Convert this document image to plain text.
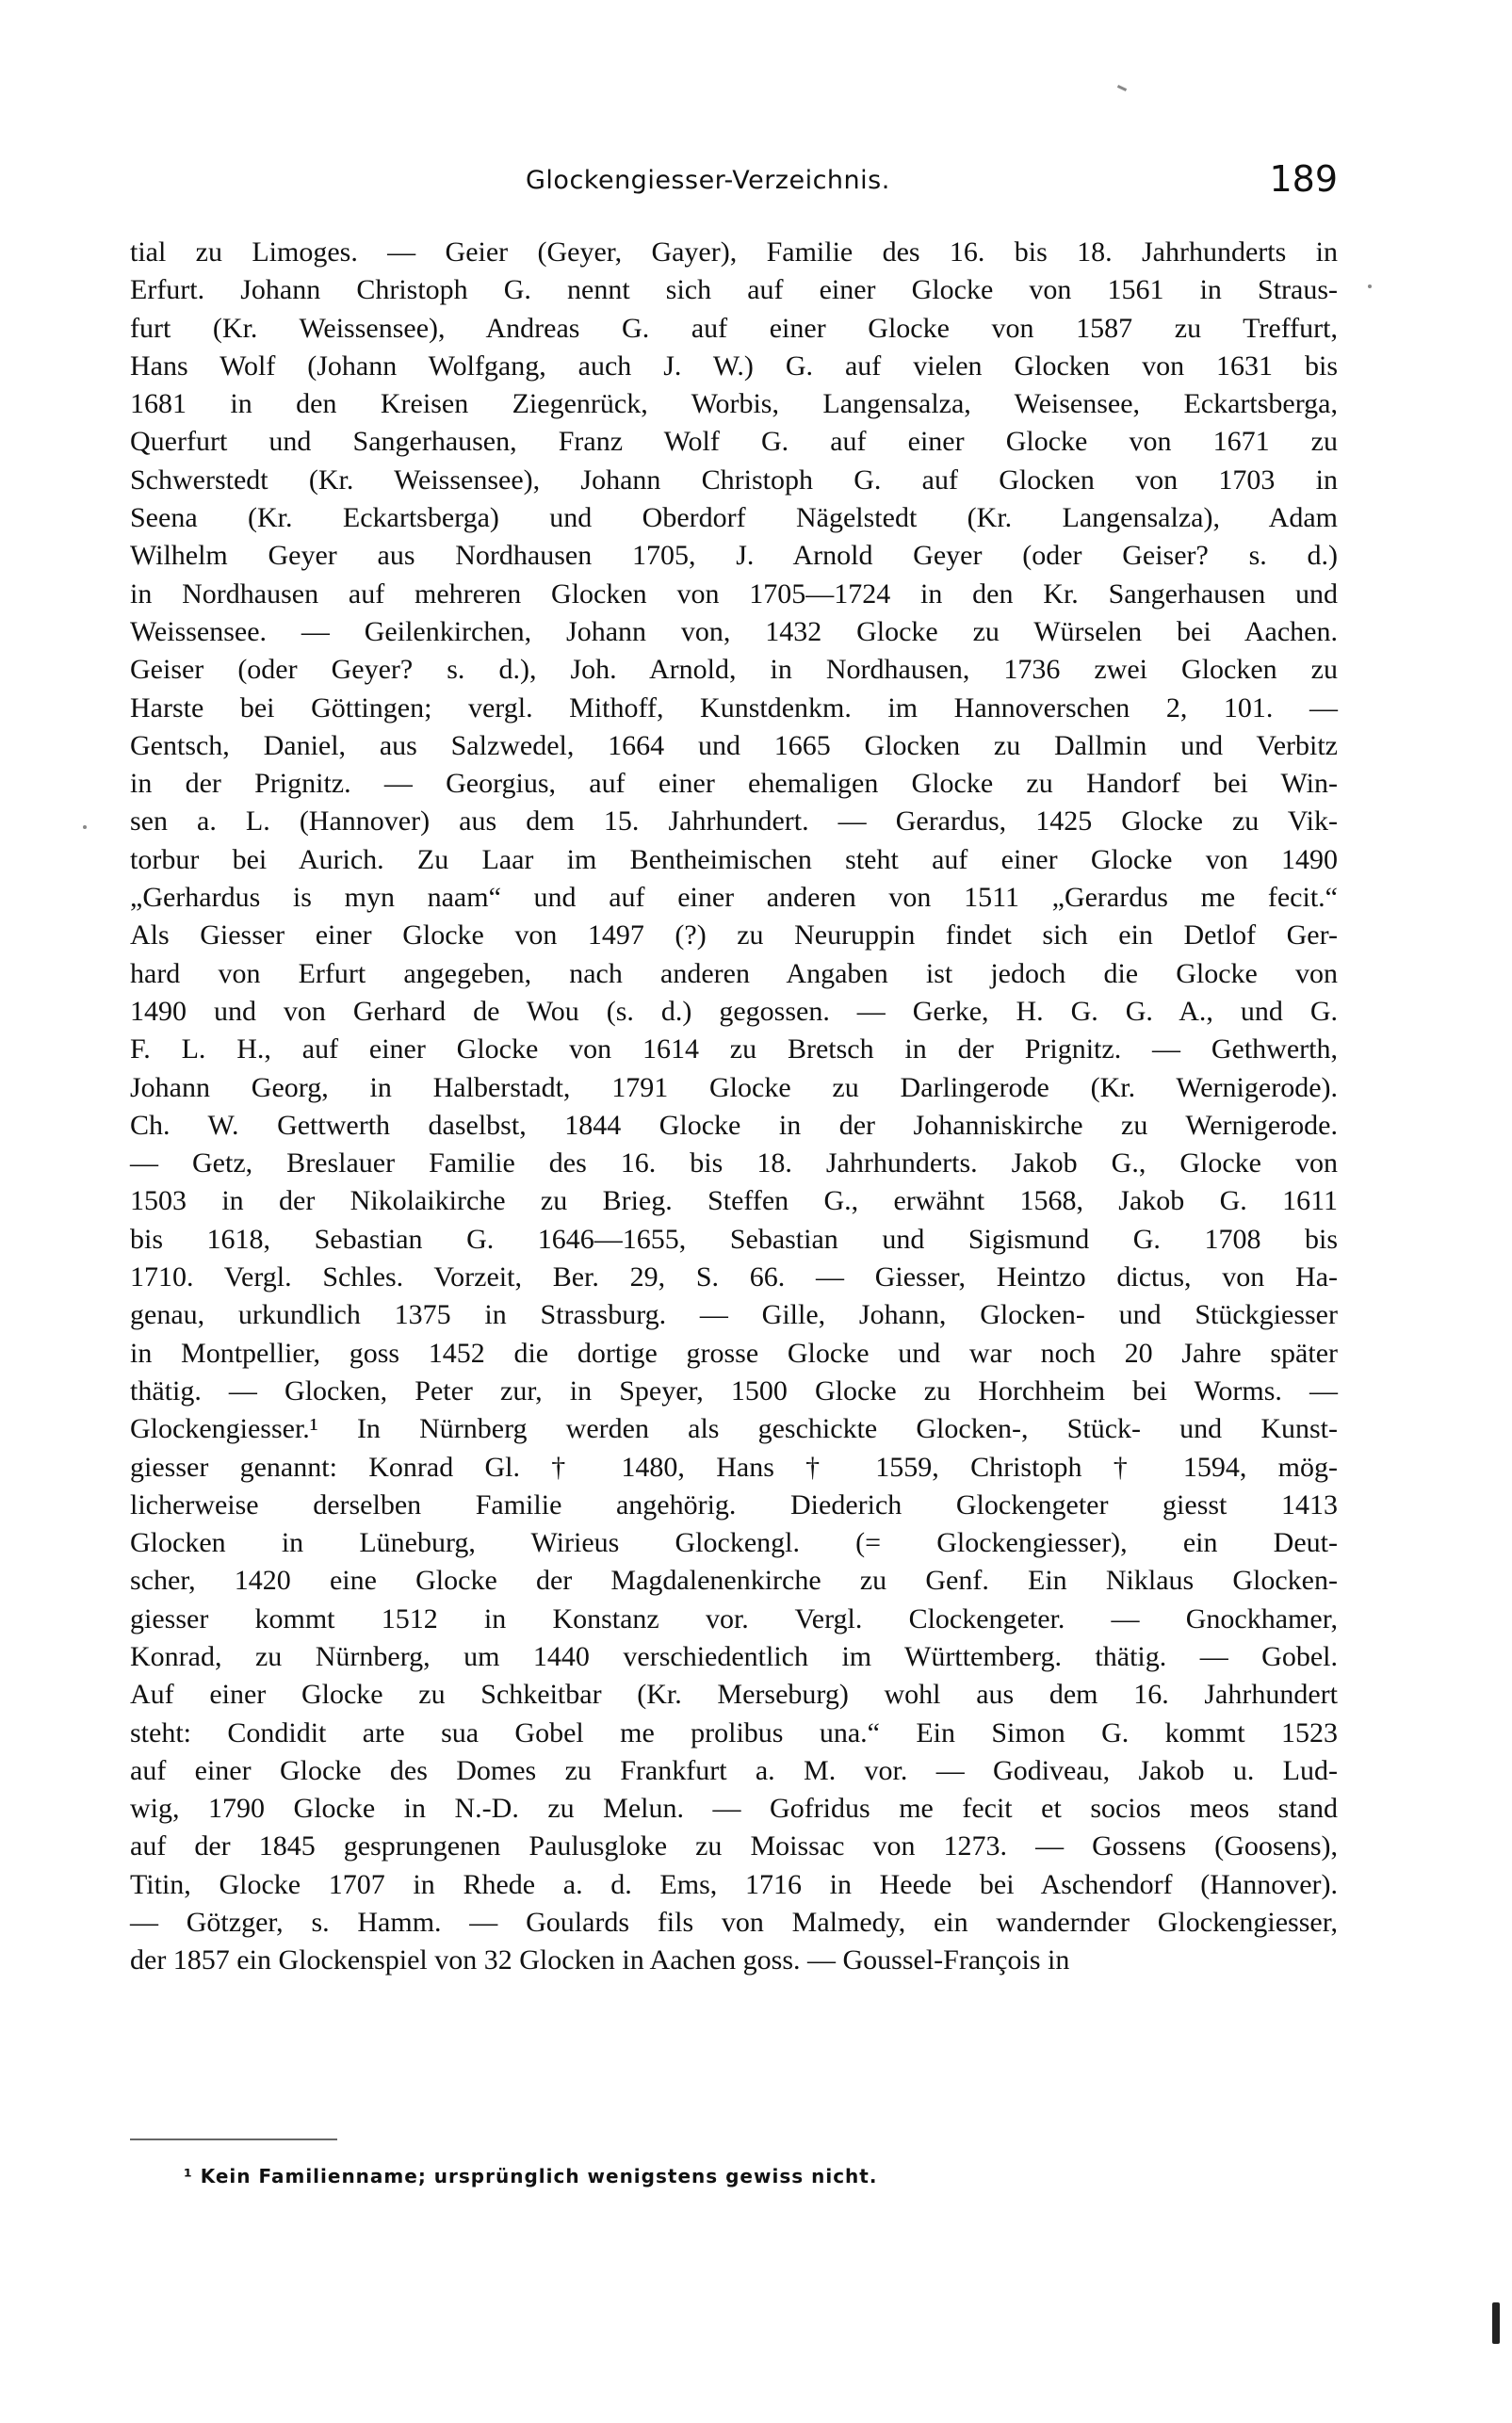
Glockengiesser-Verzeichnis.	189
tial zu Limoges. — Geier (Geyer, Gayer), Familie des 16. bis 18. Jahrhunderts in
Erfurt. Johann Christoph G. nennt sich auf einer Glocke von 1561 in Straus-
furt (Kr. Weissensee), Andreas G. auf einer Glocke von 1587 zu Treffurt,
Hans Wolf (Johann Wolfgang, auch J. W.) G. auf vielen Glocken von 1631 bis
1681 in den Kreisen Ziegenrück, Worbis, Langensalza, Weisensee, Eckartsberga,
Querfurt und Sangerhausen, Franz Wolf G. auf einer Glocke von 1671 zu
Schwerstedt (Kr. Weissensee), Johann Christoph G. auf Glocken von 1703 in
Seena (Kr. Eckartsberga) und Oberdorf Nägelstedt (Kr. Langensalza), Adam
Wilhelm Geyer aus Nordhausen 1705, J. Arnold Geyer (oder Geiser? s. d.)
in Nordhausen auf mehreren Glocken von 1705—1724 in den Kr. Sangerhausen und
Weissensee. — Geilenkirchen, Johann von, 1432 Glocke zu Würselen bei Aachen.
Geiser (oder Geyer? s. d.), Joh. Arnold, in Nordhausen, 1736 zwei Glocken zu
Harste bei Göttingen; vergl. Mithoff, Kunstdenkm. im Hannoverschen 2, 101. —
Gentsch, Daniel, aus Salzwedel, 1664 und 1665 Glocken zu Dallmin und Verbitz
in der Prignitz. — Georgius, auf einer ehemaligen Glocke zu Handorf bei Win-
sen a. L. (Hannover) aus dem 15. Jahrhundert. — Gerardus, 1425 Glocke zu Vik-
torbur bei Aurich. Zu Laar im Bentheimischen steht auf einer Glocke von 1490
„Gerhardus is myn naam“ und auf einer anderen von 1511 „Gerardus me fecit.“
Als Giesser einer Glocke von 1497 (?) zu Neuruppin findet sich ein Detlof Ger-
hard von Erfurt angegeben, nach anderen Angaben ist jedoch die Glocke von
1490 und von Gerhard de Wou (s. d.) gegossen. — Gerke, H. G. G. A., und G.
F. L. H., auf einer Glocke von 1614 zu Bretsch in der Prignitz. — Gethwerth,
Johann Georg, in Halberstadt, 1791 Glocke zu Darlingerode (Kr. Wernigerode).
Ch. W. Gettwerth daselbst, 1844 Glocke in der Johanniskirche zu Wernigerode.
— Getz, Breslauer Familie des 16. bis 18. Jahrhunderts. Jakob G., Glocke von
1503 in der Nikolaikirche zu Brieg. Steffen G., erwähnt 1568, Jakob G. 1611
bis 1618, Sebastian G. 1646—1655, Sebastian und Sigismund G. 1708 bis
1710. Vergl. Schles. Vorzeit, Ber. 29, S. 66. — Giesser, Heintzo dictus, von Ha-
genau, urkundlich 1375 in Strassburg. — Gille, Johann, Glocken- und Stückgiesser
in Montpellier, goss 1452 die dortige grosse Glocke und war noch 20 Jahre später
thätig. — Glocken, Peter zur, in Speyer, 1500 Glocke zu Horchheim bei Worms. —
Glockengiesser.¹ In Nürnberg werden als geschickte Glocken-, Stück- und Kunst-
giesser genannt: Konrad Gl. † 1480, Hans † 1559, Christoph † 1594, mög-
licherweise derselben Familie angehörig. Diederich Glockengeter giesst 1413
Glocken in Lüneburg, Wirieus Glockengl. (= Glockengiesser), ein Deut-
scher, 1420 eine Glocke der Magdalenenkirche zu Genf. Ein Niklaus Glocken-
giesser kommt 1512 in Konstanz vor. Vergl. Clockengeter. — Gnockhamer,
Konrad, zu Nürnberg, um 1440 verschiedentlich im Württemberg. thätig. — Gobel.
Auf einer Glocke zu Schkeitbar (Kr. Merseburg) wohl aus dem 16. Jahrhundert
steht: Condidit arte sua Gobel me prolibus una.“ Ein Simon G. kommt 1523
auf einer Glocke des Domes zu Frankfurt a. M. vor. — Godiveau, Jakob u. Lud-
wig, 1790 Glocke in N.-D. zu Melun. — Gofridus me fecit et socios meos stand
auf der 1845 gesprungenen Paulusgloke zu Moissac von 1273. — Gossens (Goosens),
Titin, Glocke 1707 in Rhede a. d. Ems, 1716 in Heede bei Aschendorf (Hannover).
— Götzger, s. Hamm. — Goulards fils von Malmedy, ein wandernder Glockengiesser,
der 1857 ein Glockenspiel von 32 Glocken in Aachen goss. — Goussel-François in
¹ Kein Familienname; ursprünglich wenigstens gewiss nicht.
